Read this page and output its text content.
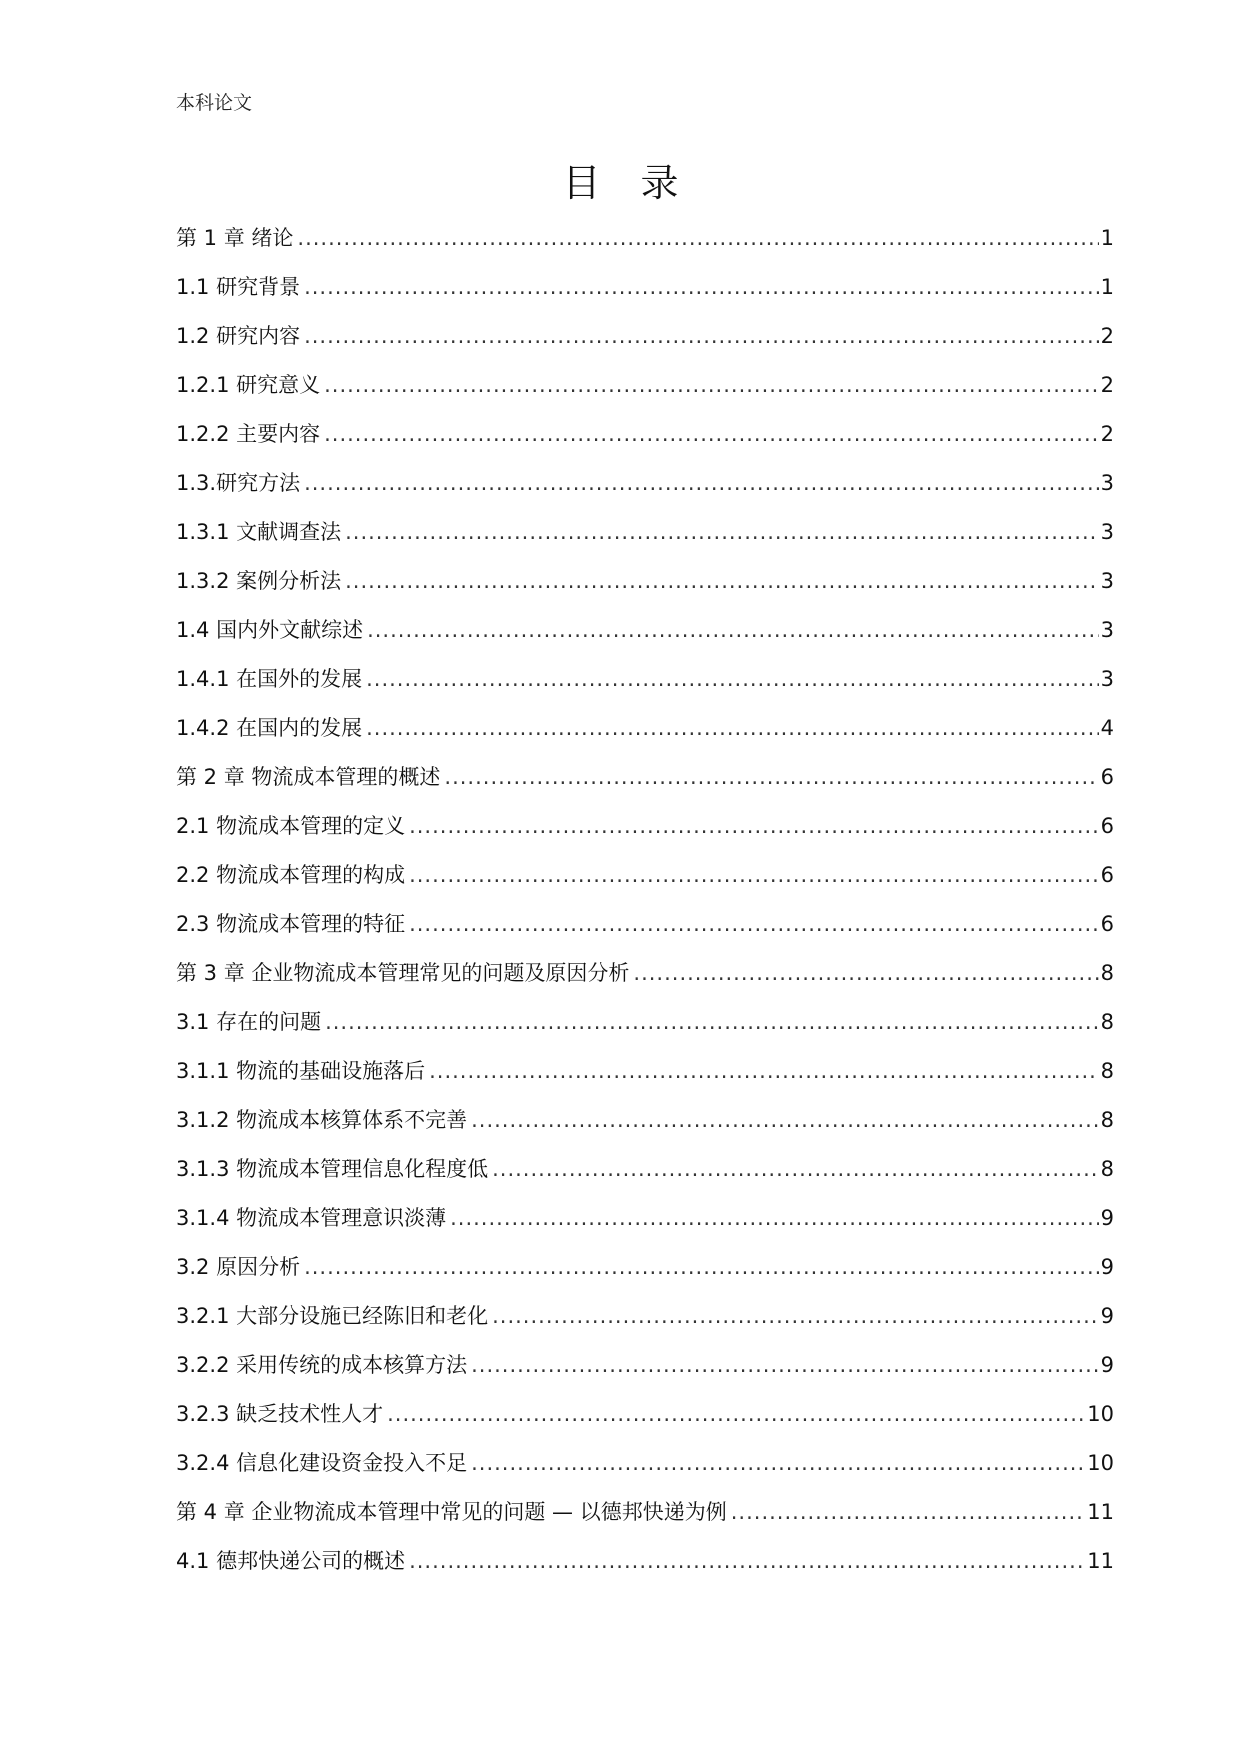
本科论文
目录
第 1 章 绪论 .....	1
1.1 研究背景 .....	1
1.2 研究内容 .....	2
1.2.1 研究意义 .....	2
1.2.2 主要内容 .....	2
1.3.研究方法 .....	3
1.3.1 文献调查法 .....	3
1.3.2 案例分析法 .....	3
1.4 国内外文献综述 .....	3
1.4.1 在国外的发展 .....	3
1.4.2 在国内的发展 .....	4
第 2 章 物流成本管理的概述 .....	6
2.1 物流成本管理的定义 .....	6
2.2 物流成本管理的构成 .....	6
2.3 物流成本管理的特征 .....	6
第 3 章 企业物流成本管理常见的问题及原因分析 .....	8
3.1 存在的问题 .....	8
3.1.1 物流的基础设施落后 .....	8
3.1.2 物流成本核算体系不完善 .....	8
3.1.3 物流成本管理信息化程度低 .....	8
3.1.4 物流成本管理意识淡薄 .....	9
3.2 原因分析 .....	9
3.2.1 大部分设施已经陈旧和老化 .....	9
3.2.2 采用传统的成本核算方法 .....	9
3.2.3 缺乏技术性人才 .....	10
3.2.4 信息化建设资金投入不足 .....	10
第 4 章 企业物流成本管理中常见的问题 — 以德邦快递为例 .....	11
4.1 德邦快递公司的概述 .....	11
